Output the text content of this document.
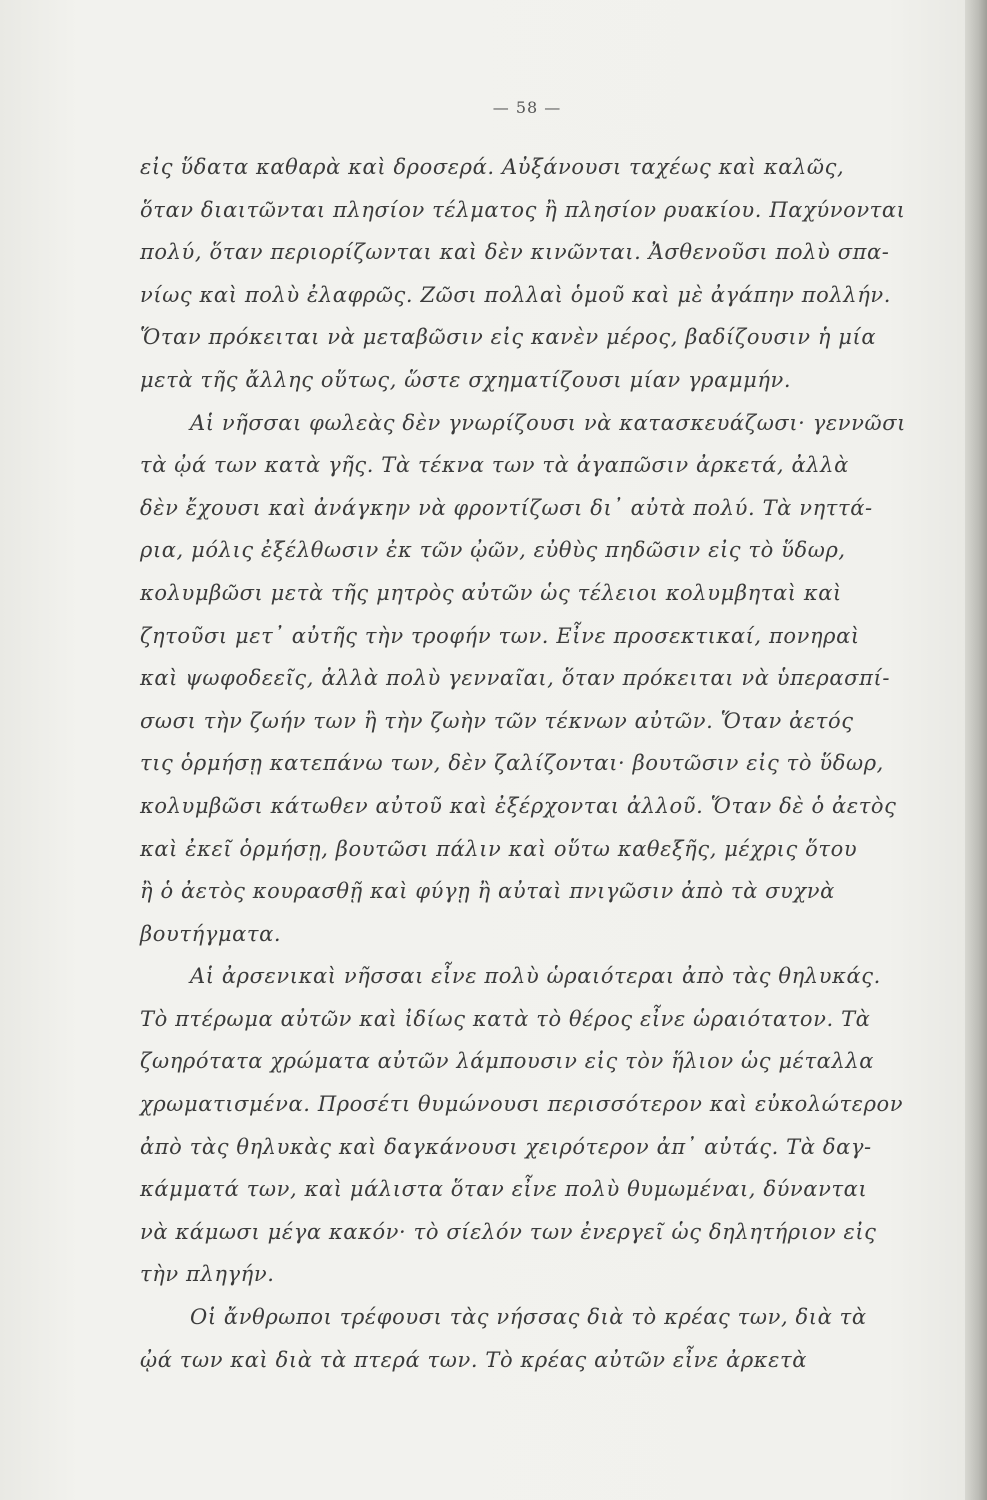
— 58 —
εἰς ὕδατα καθαρὰ καὶ δροσερά. Αὐξάνουσι ταχέως καὶ καλῶς,
ὅταν διαιτῶνται πλησίον τέλματος ἢ πλησίον ρυακίου. Παχύνονται
πολύ, ὅταν περιορίζωνται καὶ δὲν κινῶνται. Ἀσθενοῦσι πολὺ σπα-
νίως καὶ πολὺ ἐλαφρῶς. Ζῶσι πολλαὶ ὁμοῦ καὶ μὲ ἀγάπην πολλήν.
Ὅταν πρόκειται νὰ μεταβῶσιν εἰς κανὲν μέρος, βαδίζουσιν ἡ μία
μετὰ τῆς ἄλλης οὕτως, ὥστε σχηματίζουσι μίαν γραμμήν.
Αἱ νῆσσαι φωλεὰς δὲν γνωρίζουσι νὰ κατασκευάζωσι· γεννῶσι
τὰ ᾠά των κατὰ γῆς. Τὰ τέκνα των τὰ ἀγαπῶσιν ἀρκετά, ἀλλὰ
δὲν ἔχουσι καὶ ἀνάγκην νὰ φροντίζωσι δι᾽ αὐτὰ πολύ. Τὰ νηττά-
ρια, μόλις ἐξέλθωσιν ἐκ τῶν ᾠῶν, εὐθὺς πηδῶσιν εἰς τὸ ὕδωρ,
κολυμβῶσι μετὰ τῆς μητρὸς αὐτῶν ὡς τέλειοι κολυμβηταὶ καὶ
ζητοῦσι μετ᾽ αὐτῆς τὴν τροφήν των. Εἶνε προσεκτικαί, πονηραὶ
καὶ ψωφοδεεῖς, ἀλλὰ πολὺ γενναῖαι, ὅταν πρόκειται νὰ ὑπερασπί-
σωσι τὴν ζωήν των ἢ τὴν ζωὴν τῶν τέκνων αὐτῶν. Ὅταν ἀετός
τις ὁρμήσῃ κατεπάνω των, δὲν ζαλίζονται· βουτῶσιν εἰς τὸ ὕδωρ,
κολυμβῶσι κάτωθεν αὐτοῦ καὶ ἐξέρχονται ἀλλοῦ. Ὅταν δὲ ὁ ἀετὸς
καὶ ἐκεῖ ὁρμήσῃ, βουτῶσι πάλιν καὶ οὕτω καθεξῆς, μέχρις ὅτου
ἢ ὁ ἀετὸς κουρασθῇ καὶ φύγῃ ἢ αὐταὶ πνιγῶσιν ἀπὸ τὰ συχνὰ
βουτήγματα.
Αἱ ἀρσενικαὶ νῆσσαι εἶνε πολὺ ὡραιότεραι ἀπὸ τὰς θηλυκάς.
Τὸ πτέρωμα αὐτῶν καὶ ἰδίως κατὰ τὸ θέρος εἶνε ὡραιότατον. Τὰ
ζωηρότατα χρώματα αὐτῶν λάμπουσιν εἰς τὸν ἥλιον ὡς μέταλλα
χρωματισμένα. Προσέτι θυμώνουσι περισσότερον καὶ εὐκολώτερον
ἀπὸ τὰς θηλυκὰς καὶ δαγκάνουσι χειρότερον ἀπ᾽ αὐτάς. Τὰ δαγ-
κάμματά των, καὶ μάλιστα ὅταν εἶνε πολὺ θυμωμέναι, δύνανται
νὰ κάμωσι μέγα κακόν· τὸ σίελόν των ἐνεργεῖ ὡς δηλητήριον εἰς
τὴν πληγήν.
Οἱ ἄνθρωποι τρέφουσι τὰς νήσσας διὰ τὸ κρέας των, διὰ τὰ
ᾠά των καὶ διὰ τὰ πτερά των. Τὸ κρέας αὐτῶν εἶνε ἀρκετὰ
